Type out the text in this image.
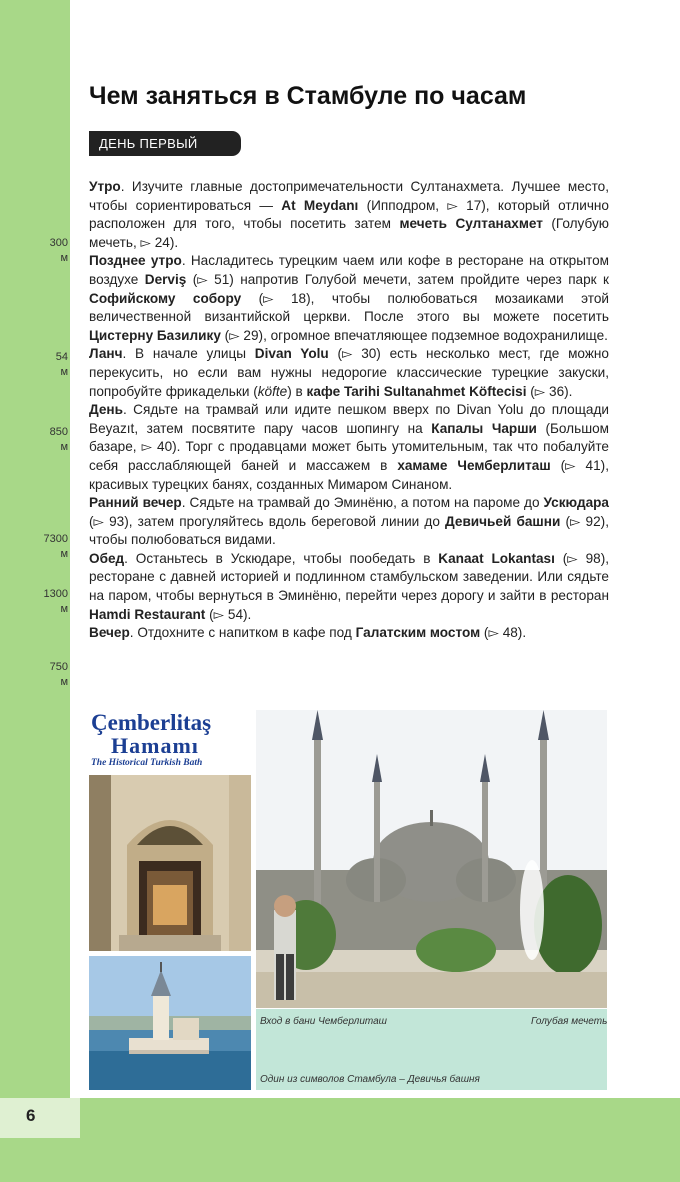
6
Чем заняться в Стамбуле по часам
ДЕНЬ ПЕРВЫЙ
300
м
54
м
850
м
7300
м
1300
м
750
м

Утро. Изучите главные достопримечательности Султанахмета. Лучшее место, чтобы сориентироваться — At Meydanı (Ипподром, ▻ 17), который отлично расположен для того, чтобы посетить затем мечеть Султанахмет (Голубую мечеть, ▻ 24).

Позднее утро. Насладитесь турецким чаем или кофе в ресторане на открытом воздухе Derviş (▻ 51) напротив Голубой мечети, затем пройдите через парк к Софийскому собору (▻ 18), чтобы полюбоваться мозаиками этой величественной византийской церкви. После этого вы можете посетить Цистерну Базилику (▻ 29), огромное впечатляющее подземное водохранилище.

Ланч. В начале улицы Divan Yolu (▻ 30) есть несколько мест, где можно перекусить, но если вам нужны недорогие классические турецкие закуски, попробуйте фрикадельки (köfte) в кафе Tarihi Sultanahmet Köftecisi (▻ 36).

День. Сядьте на трамвай или идите пешком вверх по Divan Yolu до площади Beyazıt, затем посвятите пару часов шопингу на Капалы Чарши (Большом базаре, ▻ 40). Торг с продавцами может быть утомительным, так что побалуйте себя расслабляющей баней и массажем в хамаме Чемберлиташ (▻ 41), красивых турецких банях, созданных Мимаром Синаном.

Ранний вечер. Сядьте на трамвай до Эминёню, а потом на пароме до Ускюдара (▻ 93), затем прогуляйтесь вдоль береговой линии до Девичьей башни (▻ 92), чтобы полюбоваться видами.

Обед. Останьтесь в Ускюдаре, чтобы пообедать в Kanaat Lokantası (▻ 98), ресторане с давней историей и подлинном стамбульском заведении. Или сядьте на паром, чтобы вернуться в Эминёню, перейти через дорогу и зайти в ресторан Hamdi Restaurant (▻ 54).

Вечер. Отдохните с напитком в кафе под Галатским мостом (▻ 48).

Çemberlitaş
Hamamı
The Historical Turkish Bath
Вход в бани Чемберлиташ	Голубая мечеть
Один из символов Стамбула – Девичья башня
